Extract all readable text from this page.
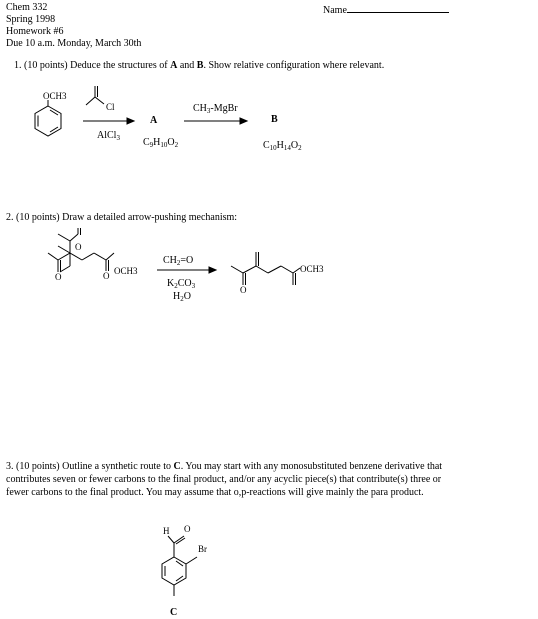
Chem 332
Spring 1998
Homework #6
Due 10 a.m. Monday, March 30th
Name
1. (10 points) Deduce the structures of A and B. Show relative configuration where relevant.
OCH3
Cl
AlCl$_3$
A	B
$CH_3$-MgBr
$C_9H_{10}O_2$	$C_{10}H_{14}O_2$
2. (10 points) Draw a detailed arrow-pushing mechanism:
O
O	O OCH3
$CH_2=O$
$K_2CO_3$
$H_2O$
O
OCH3
3. (10 points) Outline a synthetic route to C. You may start with any monosubstituted benzene derivative that
contributes seven or fewer carbons to the final product, and/or any acyclic piece(s) that contribute(s) three or
fewer carbons to the final product. You may assume that o,p-reactions will give mainly the para product.
H O
Br
C
